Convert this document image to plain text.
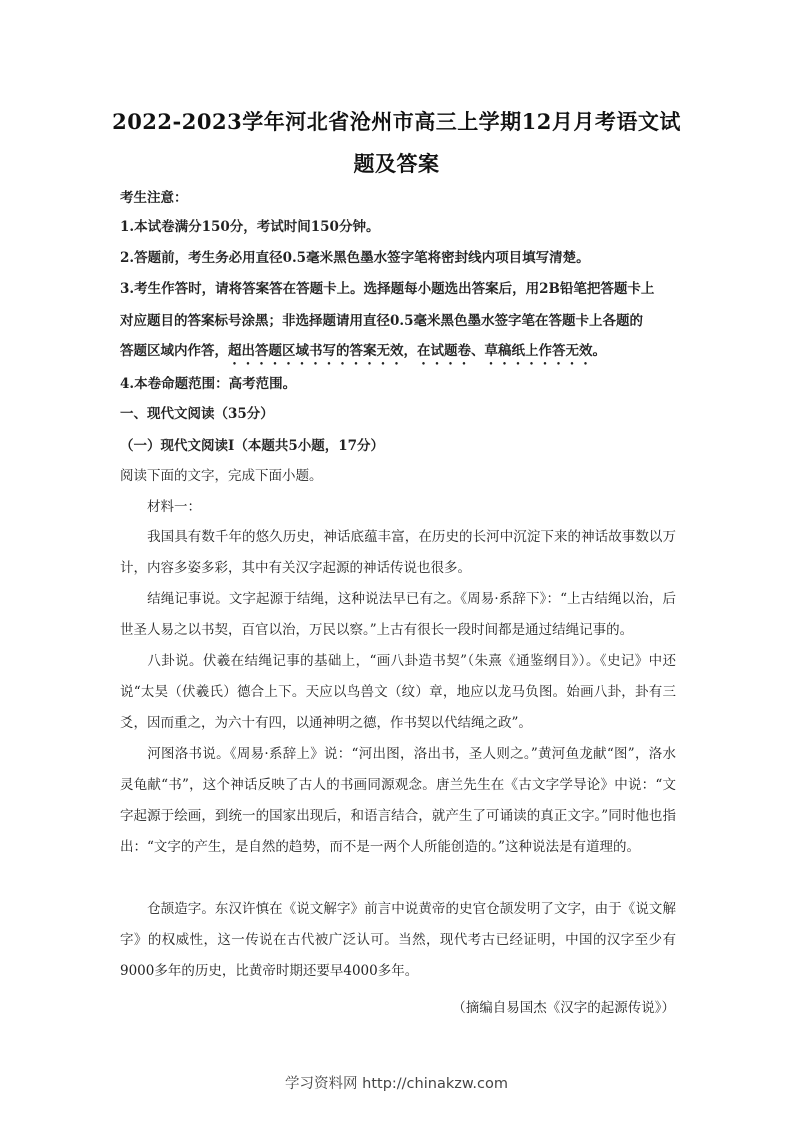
2022-2023学年河北省沧州市高三上学期12月月考语文试
题及答案
考生注意：
1.本试卷满分150分，考试时间150分钟。
2.答题前，考生务必用直径0.5毫米黑色墨水签字笔将密封线内项目填写清楚。
3.考生作答时，请将答案答在答题卡上。选择题每小题选出答案后，用2B铅笔把答题卡上
对应题目的答案标号涂黑；非选择题请用直径0.5毫米黑色墨水签字笔在答题卡上各题的
答题区域内作答，超出答题区域书写的答案无效，在试题卷、草稿纸上作答无效。
4.本卷命题范围：高考范围。
一、现代文阅读（35分）
（一）现代文阅读Ⅰ（本题共5小题，17分）
阅读下面的文字，完成下面小题。
材料一：
我国具有数千年的悠久历史，神话底蕴丰富，在历史的长河中沉淀下来的神话故事数以万计，内容多姿多彩，其中有关汉字起源的神话传说也很多。
结绳记事说。文字起源于结绳，这种说法早已有之。《周易·系辞下》：“上古结绳以治，后世圣人易之以书契，百官以治，万民以察。”上古有很长一段时间都是通过结绳记事的。
八卦说。伏羲在结绳记事的基础上，“画八卦造书契”（朱熹《通鉴纲目》）。《史记》中还说“太昊（伏羲氏）德合上下。天应以鸟兽文（纹）章，地应以龙马负图。始画八卦，卦有三爻，因而重之，为六十有四，以通神明之德，作书契以代结绳之政”。
河图洛书说。《周易·系辞上》说：“河出图，洛出书，圣人则之。”黄河鱼龙献“图”，洛水灵龟献“书”，这个神话反映了古人的书画同源观念。唐兰先生在《古文字学导论》中说：“文字起源于绘画，到统一的国家出现后，和语言结合，就产生了可诵读的真正文字。”同时他也指出：“文字的产生，是自然的趋势，而不是一两个人所能创造的。”这种说法是有道理的。
仓颉造字。东汉许慎在《说文解字》前言中说黄帝的史官仓颉发明了文字，由于《说文解字》的权威性，这一传说在古代被广泛认可。当然，现代考古已经证明，中国的汉字至少有9000多年的历史，比黄帝时期还要早4000多年。
（摘编自易国杰《汉字的起源传说》）
学习资料网 http://chinakzw.com
